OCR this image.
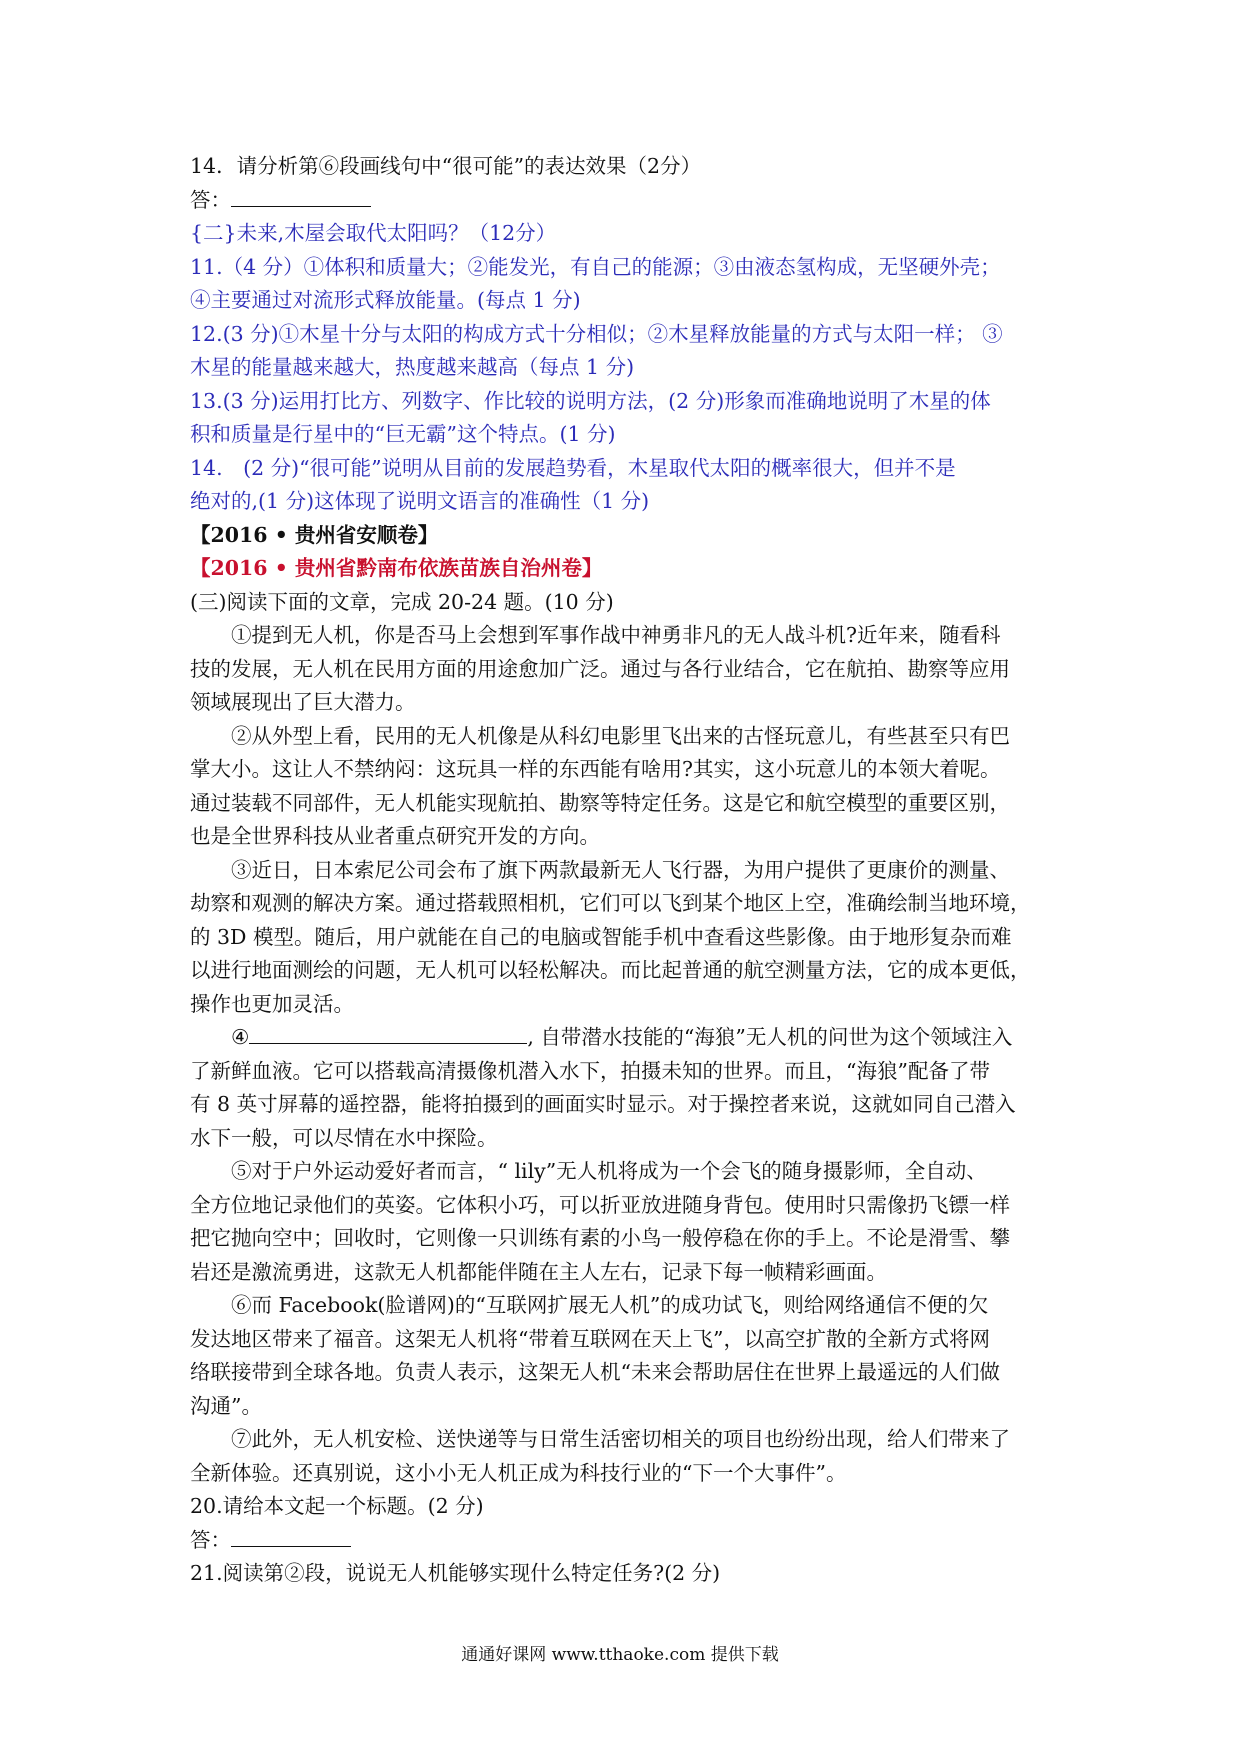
14．请分析第⑥段画线句中“很可能”的表达效果（2分）
答：
{二}未来,木屋会取代太阳吗？（12分）
11.（4 分）①体积和质量大；②能发光，有自己的能源；③由液态氢构成，无坚硬外壳；
④主要通过对流形式释放能量。(每点 1 分)
12.(3 分)①木星十分与太阳的构成方式十分相似；②木星释放能量的方式与太阳一样； ③
木星的能量越来越大，热度越来越高（每点 1 分)
13.(3 分)运用打比方、列数字、作比较的说明方法，(2 分)形象而准确地说明了木星的体
积和质量是行星中的“巨无霸”这个特点。(1 分)
14.　(2 分)“很可能”说明从目前的发展趋势看，木星取代太阳的概率很大，但并不是
绝对的,(1 分)这体现了说明文语言的准确性（1 分)
【2016 • 贵州省安顺卷】
【2016 • 贵州省黔南布依族苗族自治州卷】
(三)阅读下面的文章，完成 20-24 题。(10 分)
①提到无人机，你是否马上会想到军事作战中神勇非凡的无人战斗机?近年来，随看科
技的发展，无人机在民用方面的用途愈加广泛。通过与各行业结合，它在航拍、勘察等应用
领域展现出了巨大潜力。
②从外型上看，民用的无人机像是从科幻电影里飞出来的古怪玩意儿，有些甚至只有巴
掌大小。这让人不禁纳闷：这玩具一样的东西能有啥用?其实，这小玩意儿的本领大着呢。
通过装载不同部件，无人机能实现航拍、勘察等特定任务。这是它和航空模型的重要区别，
也是全世界科技从业者重点研究开发的方向。
③近日，日本索尼公司会布了旗下两款最新无人飞行器，为用户提供了更康价的测量、
劫察和观测的解决方案。通过搭载照相机，它们可以飞到某个地区上空，准确绘制当地环境，
的 3D 模型。随后，用户就能在自己的电脑或智能手机中查看这些影像。由于地形复杂而难
以进行地面测绘的问题，无人机可以轻松解决。而比起普通的航空测量方法，它的成本更低，
操作也更加灵活。
④	, 自带潜水技能的“海狼”无人机的问世为这个领域注入
了新鲜血液。它可以搭载高清摄像机潜入水下，拍摄未知的世界。而且，“海狼”配备了带
有 8 英寸屏幕的遥控器，能将拍摄到的画面实时显示。对于操控者来说，这就如同自己潜入
水下一般，可以尽情在水中探险。
⑤对于户外运动爱好者而言，“ lily”无人机将成为一个会飞的随身摄影师，全自动、
全方位地记录他们的英姿。它体积小巧，可以折亚放进随身背包。使用时只需像扔飞镖一样
把它抛向空中；回收时，它则像一只训练有素的小鸟一般停稳在你的手上。不论是滑雪、攀
岩还是激流勇进，这款无人机都能伴随在主人左右，记录下每一帧精彩画面。
⑥而 Facebook(脸谱网)的“互联网扩展无人机”的成功试飞，则给网络通信不便的欠
发达地区带来了福音。这架无人机将“带着互联网在天上飞”，以高空扩散的全新方式将网
络联接带到全球各地。负责人表示，这架无人机“未来会帮助居住在世界上最遥远的人们做
沟通”。
⑦此外，无人机安检、送快递等与日常生活密切相关的项目也纷纷出现，给人们带来了
全新体验。还真别说，这小小无人机正成为科技行业的“下一个大事件”。
20.请给本文起一个标题。(2 分)
答：
21.阅读第②段，说说无人机能够实现什么特定任务?(2 分)
通通好课网 www.tthaoke.com 提供下载
